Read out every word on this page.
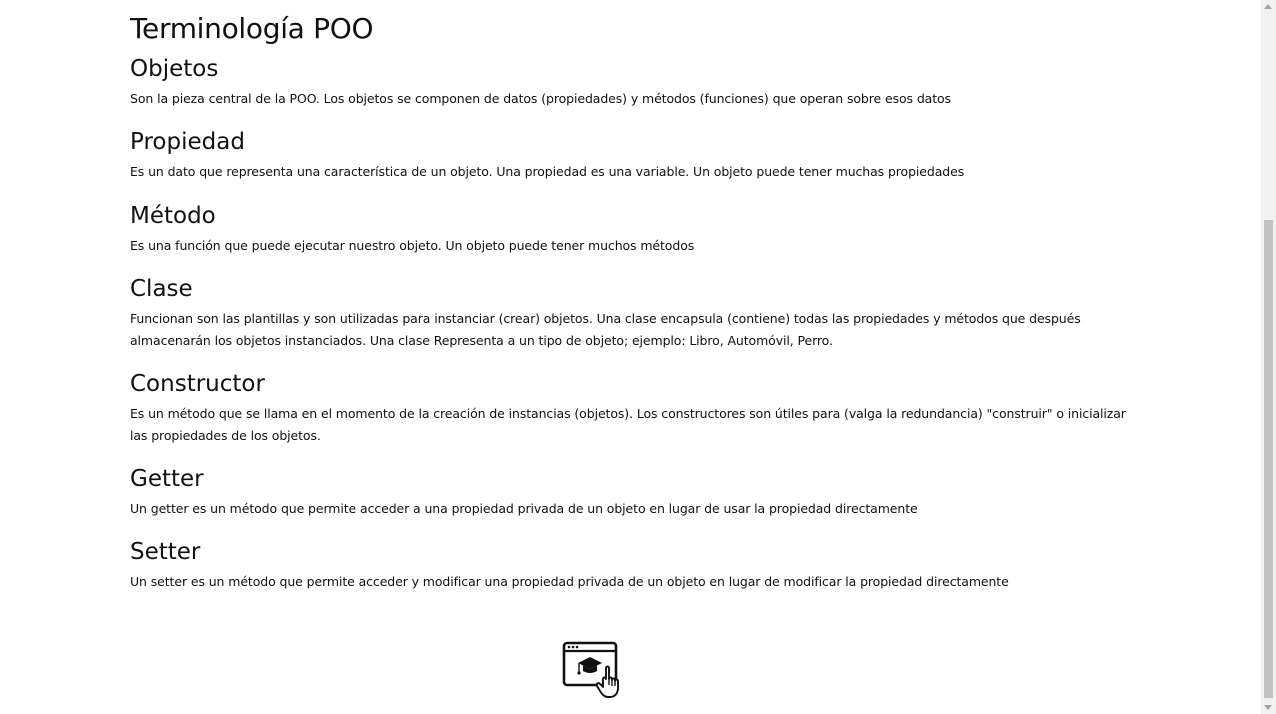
Terminología POO
Objetos

Son la pieza central de la POO. Los objetos se componen de datos (propiedades) y métodos (funciones) que operan sobre esos datos

Propiedad

Es un dato que representa una característica de un objeto. Una propiedad es una variable. Un objeto puede tener muchas propiedades

Método

Es una función que puede ejecutar nuestro objeto. Un objeto puede tener muchos métodos

Clase

Funcionan son las plantillas y son utilizadas para instanciar (crear) objetos. Una clase encapsula (contiene) todas las propiedades y métodos que después almacenarán los objetos instanciados. Una clase Representa a un tipo de objeto; ejemplo: Libro, Automóvil, Perro.

Constructor

Es un método que se llama en el momento de la creación de instancias (objetos). Los constructores son útiles para (valga la redundancia) "construir" o inicializar las propiedades de los objetos.

Getter

Un getter es un método que permite acceder a una propiedad privada de un objeto en lugar de usar la propiedad directamente

Setter

Un setter es un método que permite acceder y modificar una propiedad privada de un objeto en lugar de modificar la propiedad directamente
